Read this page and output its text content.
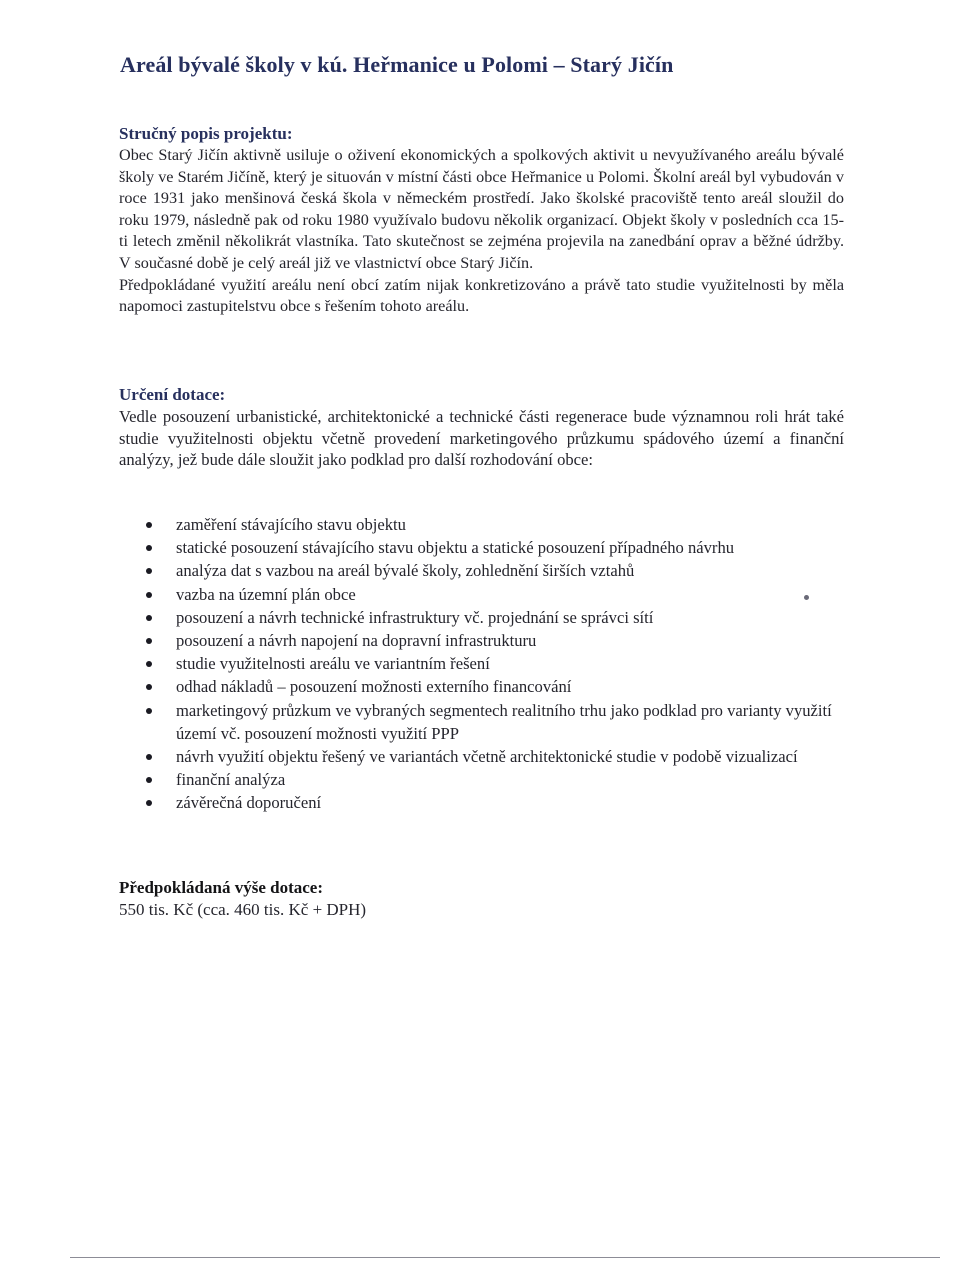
Areál bývalé školy v kú. Heřmanice u Polomi – Starý Jičín
Stručný popis projektu:

Obec Starý Jičín aktivně usiluje o oživení ekonomických a spolkových aktivit u nevyužívaného areálu bývalé školy ve Starém Jičíně, který je situován v místní části obce Heřmanice u Polomi. Školní areál byl vybudován v roce 1931 jako menšinová česká škola v německém prostředí. Jako školské pracoviště tento areál sloužil do roku 1979, následně pak od roku 1980 využívalo budovu několik organizací. Objekt školy v posledních cca 15-ti letech změnil několikrát vlastníka. Tato skutečnost se zejména projevila na zanedbání oprav a běžné údržby. V současné době je celý areál již ve vlastnictví obce Starý Jičín.

Předpokládané využití areálu není obcí zatím nijak konkretizováno a právě tato studie využitelnosti by měla napomoci zastupitelstvu obce s řešením tohoto areálu.

Určení dotace:

Vedle posouzení urbanistické, architektonické a technické části regenerace bude významnou roli hrát také studie využitelnosti objektu včetně provedení marketingového průzkumu spádového území a finanční analýzy, jež bude dále sloužit jako podklad pro další rozhodování obce:

zaměření stávajícího stavu objektu
statické posouzení stávajícího stavu objektu a statické posouzení případného návrhu
analýza dat s vazbou na areál bývalé školy, zohlednění širších vztahů
vazba na územní plán obce
posouzení a návrh technické infrastruktury vč. projednání se správci sítí
posouzení a návrh napojení na dopravní infrastrukturu
studie využitelnosti areálu ve variantním řešení
odhad nákladů – posouzení možnosti externího financování
marketingový průzkum ve vybraných segmentech realitního trhu jako podklad pro varianty využití území vč. posouzení možnosti využití PPP
návrh využití objektu řešený ve variantách včetně architektonické studie v podobě vizualizací
finanční analýza
závěrečná doporučení
Předpokládaná výše dotace:

550 tis. Kč (cca. 460 tis. Kč + DPH)
